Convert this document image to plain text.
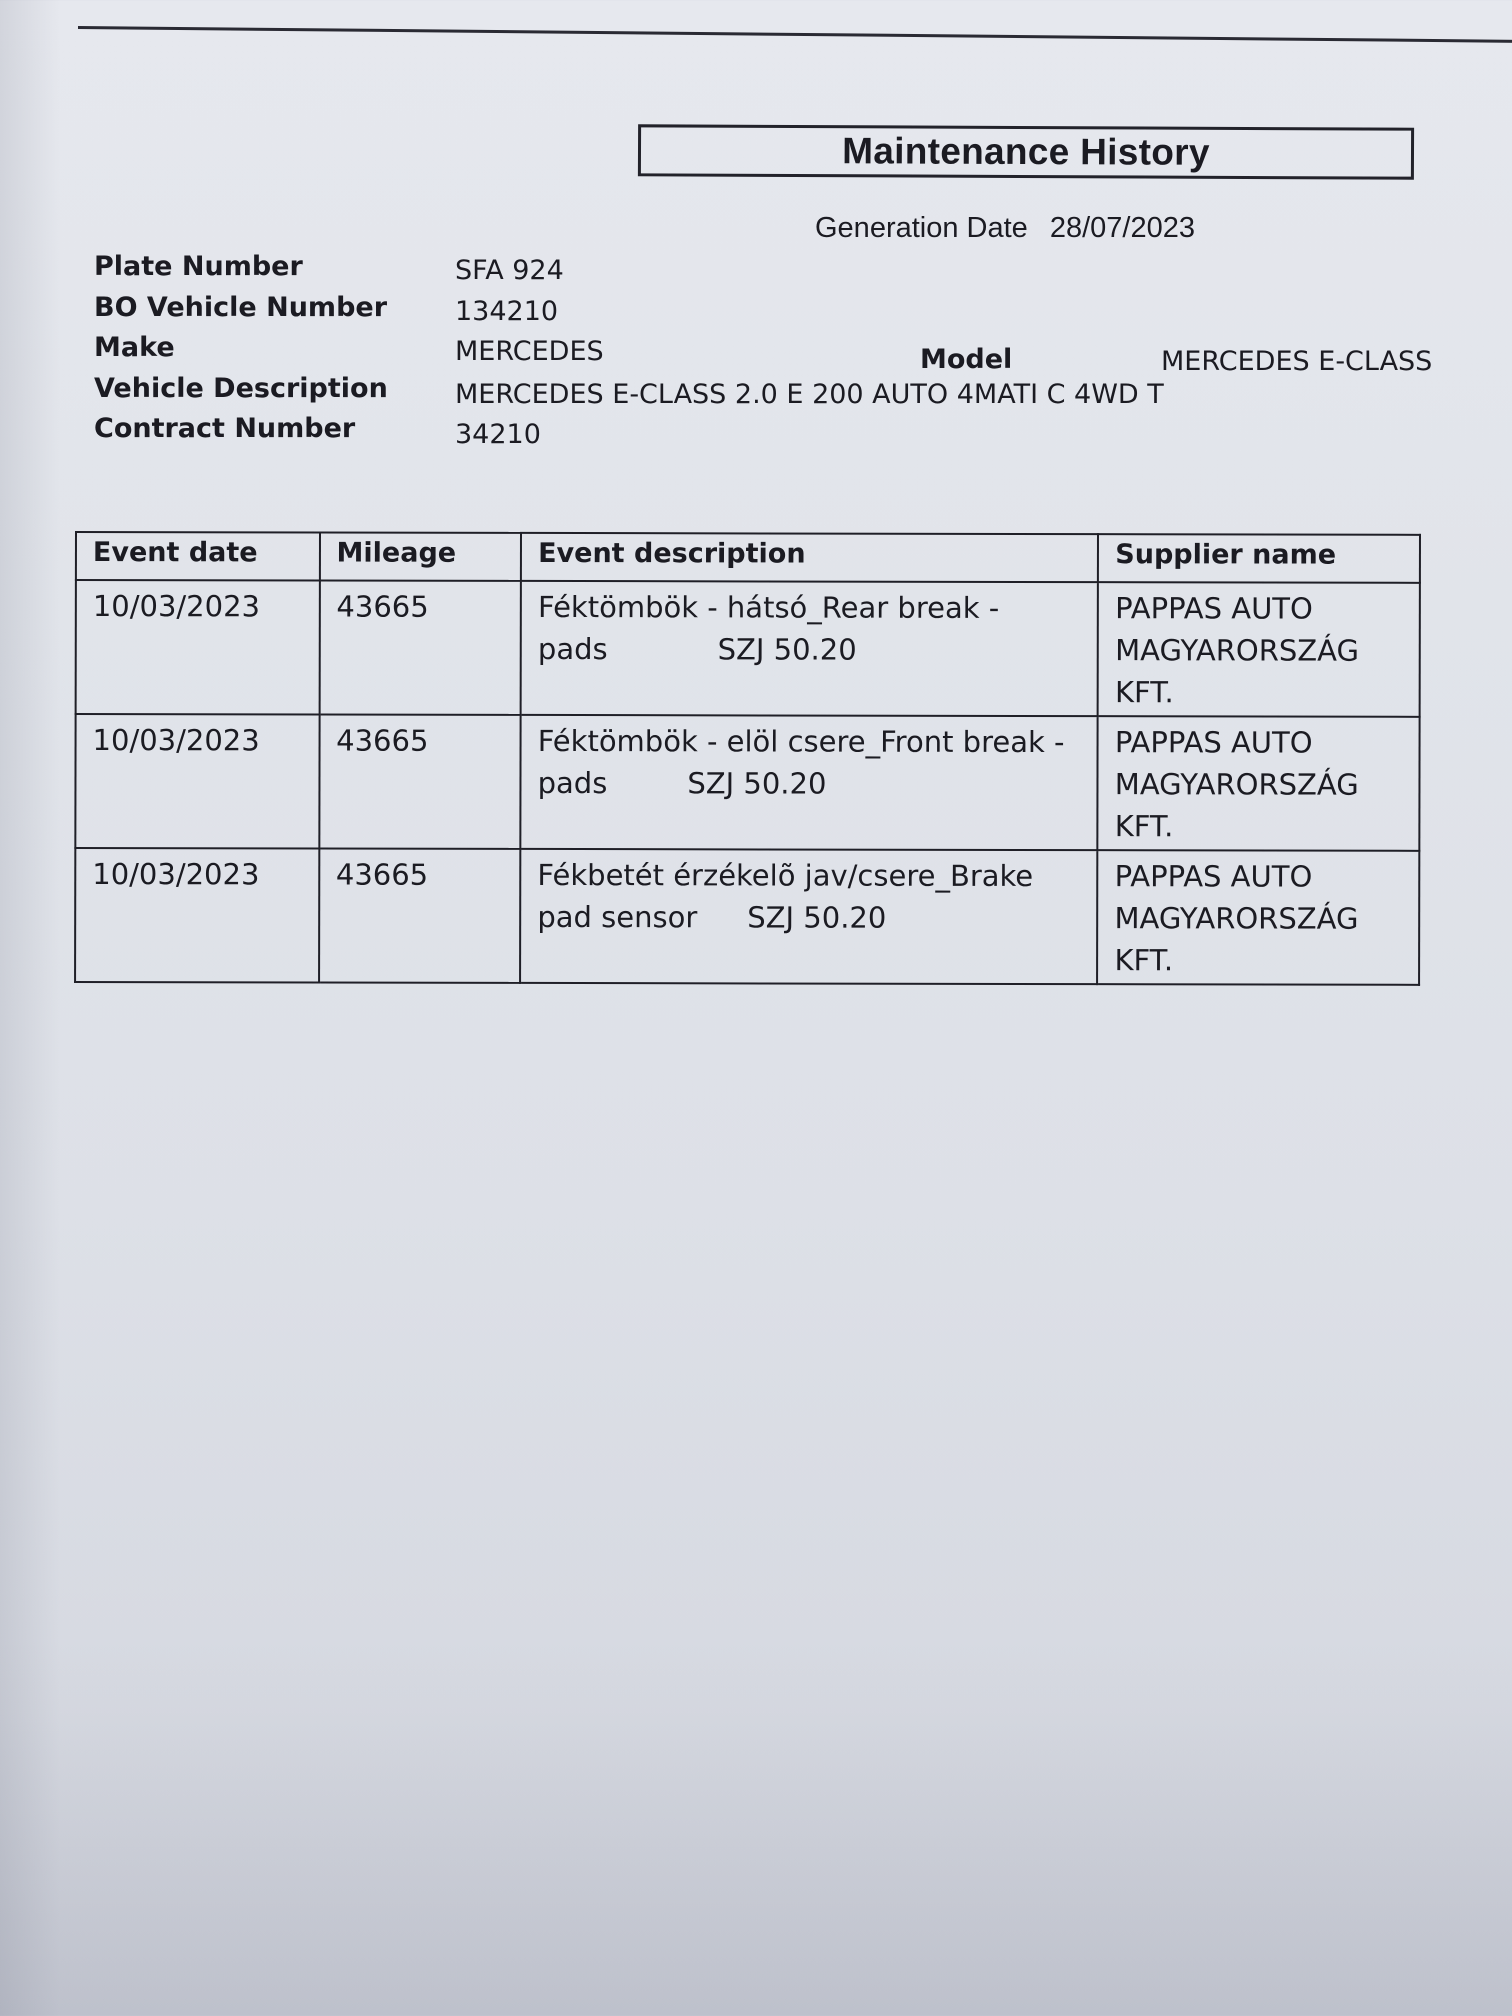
Maintenance History
Generation Date 28/07/2023
Plate Number	SFA 924
BO Vehicle Number	134210
Make	MERCEDES	Model	MERCEDES E-CLASS
Vehicle Description MERCEDES E-CLASS 2.0 E 200 AUTO 4MATI C 4WD T
Contract Number	34210
Event date	Mileage	Event description	Supplier name
10/03/2023	43665	Féktömbök - hátsó_Rear break -
pads SZJ 50.20	PAPPAS AUTO
MAGYARORSZÁG
KFT.
10/03/2023	43665	Féktömbök - elöl csere_Front break -
pads SZJ 50.20	PAPPAS AUTO
MAGYARORSZÁG
KFT.
10/03/2023	43665	Fékbetét érzékelõ jav/csere_Brake
pad sensor SZJ 50.20	PAPPAS AUTO
MAGYARORSZÁG
KFT.
